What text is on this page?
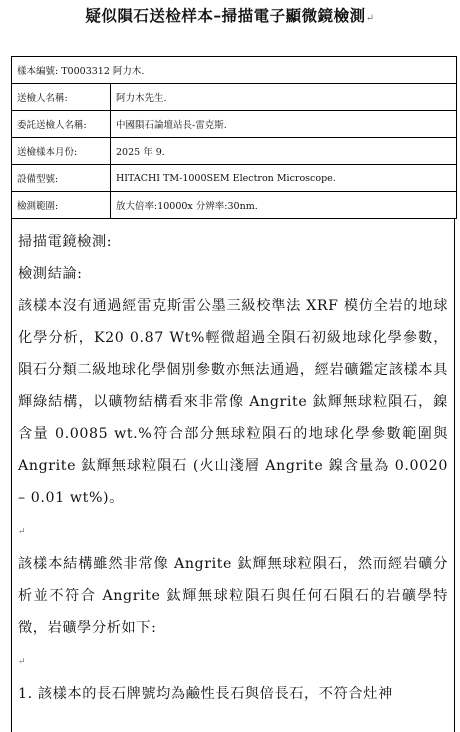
疑似隕石送检样本–掃描電子顯微鏡檢測↵
樣本編號: T0003312 阿力木.
送檢人名稱:	阿力木先生.
委託送檢人名稱:	中國隕石論壇站長-雷克斯.
送檢樣本月份:	2025 年 9.
設備型號:	HITACHI TM-1000SEM Electron Microscope.
檢測範圍:	放大倍率:10000x 分辨率:30nm.

掃描電鏡檢測:

檢測結論:

該樣本沒有通過經雷克斯雷公墨三級校準法 XRF 模仿全岩的地球化學分析，K20 0.87 Wt%輕微超過全隕石初級地球化學參數，隕石分類二級地球化學個別參數亦無法通過，經岩礦鑑定該樣本具輝綠結構，以礦物結構看來非常像 Angrite 鈦輝無球粒隕石，鎳含量 0.0085 wt.%符合部分無球粒隕石的地球化學參數範圍與 Angrite 鈦輝無球粒隕石 (火山淺層 Angrite 鎳含量為 0.0020 – 0.01 wt%)。

↵

該樣本結構雖然非常像 Angrite 鈦輝無球粒隕石，然而經岩礦分析並不符合 Angrite 鈦輝無球粒隕石與任何石隕石的岩礦學特徵，岩礦學分析如下:

↵

1. 該樣本的長石牌號均為鹼性長石與倍長石，不符合灶神
